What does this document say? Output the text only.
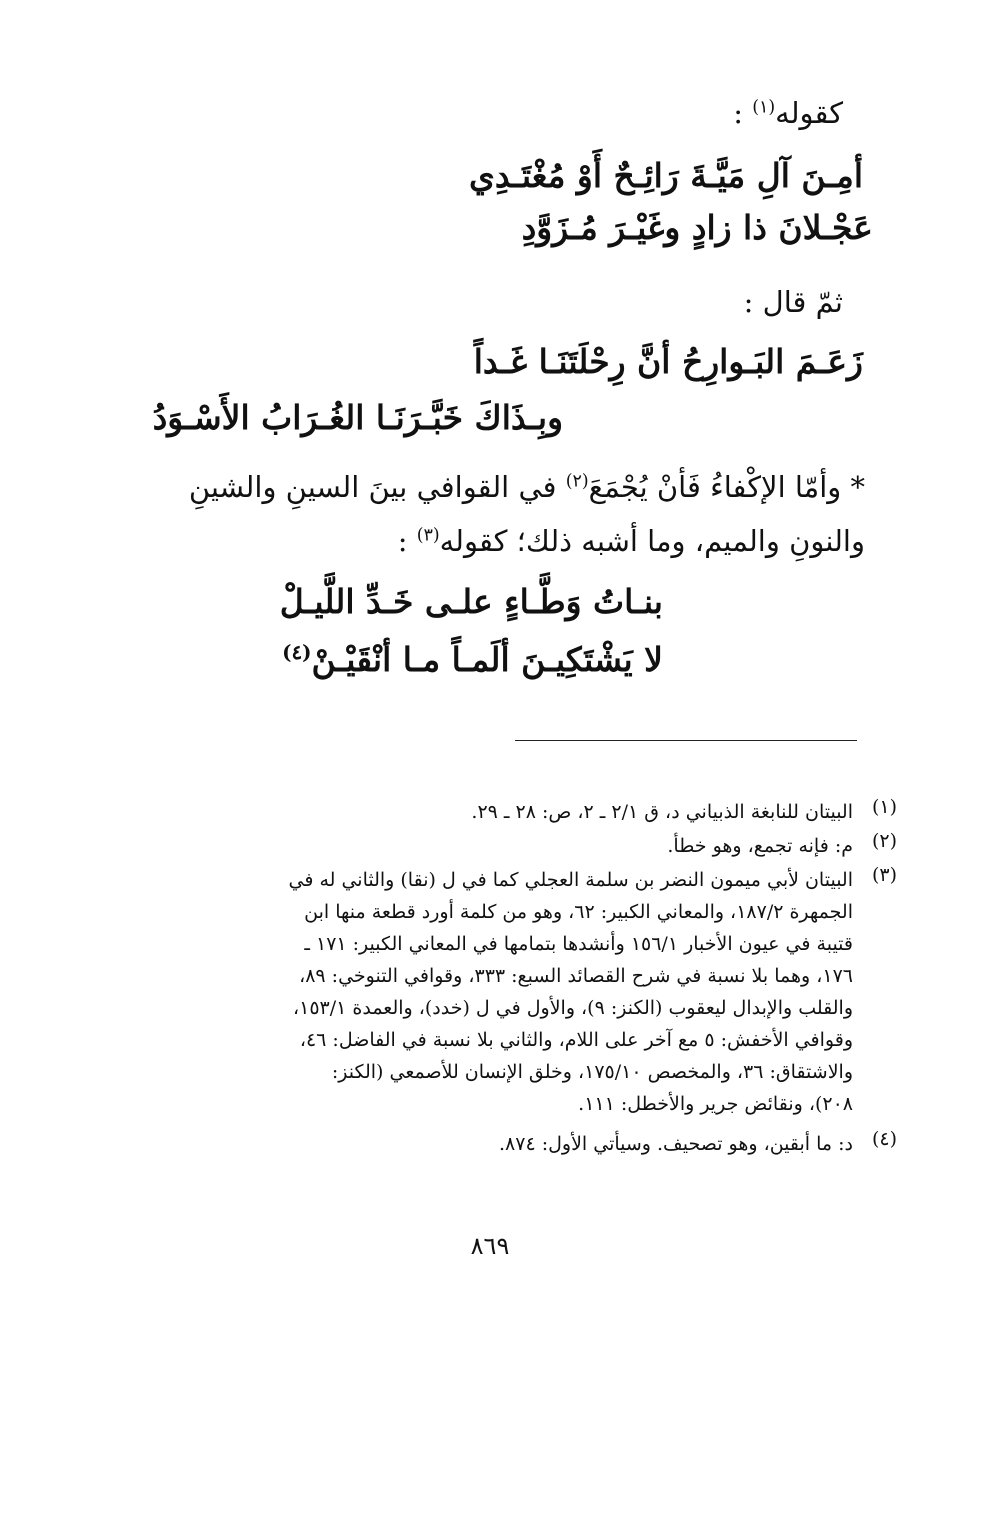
كقوله$^{(١)}$ :
أمِـنَ آلِ مَيَّـةَ رَائِـحٌ أَوْ مُغْتَـدِي
عَجْـلانَ ذا زادٍ وغَيْـرَ مُـزَوَّدِ
ثمّ قال :
زَعَـمَ البَـوارِحُ أنَّ رِحْلَتَنَـا غَـداً
وبِـذَاكَ خَبَّـرَنَـا الغُـرَابُ الأَسْـوَدُ
* وأمّا الإكْفاءُ فَأنْ يُجْمَعَ$^{(٢)}$ في القوافي بينَ السينِ والشينِ
والنونِ والميم، وما أشبه ذلك؛ كقوله$^{(٣)}$ :
بنـاتُ وَطَّـاءٍ علـى خَـدِّ اللَّيـلْ
لا يَشْتَكِيـنَ ألَمـاً مـا أنْقَيْـنْ$^{(٤)}$
(١)
البيتان للنابغة الذبياني د، ق ٢/١ ـ ٢، ص: ٢٨ ـ ٢٩.
(٢)
م: فإنه تجمع، وهو خطأ.
(٣)
البيتان لأبي ميمون النضر بن سلمة العجلي كما في ل (نقا) والثاني له في
الجمهرة ١٨٧/٢، والمعاني الكبير: ٦٢، وهو من كلمة أورد قطعة منها ابن
قتيبة في عيون الأخبار ١٥٦/١ وأنشدها بتمامها في المعاني الكبير: ١٧١ ـ
١٧٦، وهما بلا نسبة في شرح القصائد السبع: ٣٣٣، وقوافي التنوخي: ٨٩،
والقلب والإبدال ليعقوب (الكنز: ٩)، والأول في ل (خدد)، والعمدة ١٥٣/١،
وقوافي الأخفش: ٥ مع آخر على اللام، والثاني بلا نسبة في الفاضل: ٤٦،
والاشتقاق: ٣٦، والمخصص ١٧٥/١٠، وخلق الإنسان للأصمعي (الكنز:
٢٠٨)، ونقائض جرير والأخطل: ١١١.
(٤)
د: ما أبقين، وهو تصحيف. وسيأتي الأول: ٨٧٤.
٨٦٩
